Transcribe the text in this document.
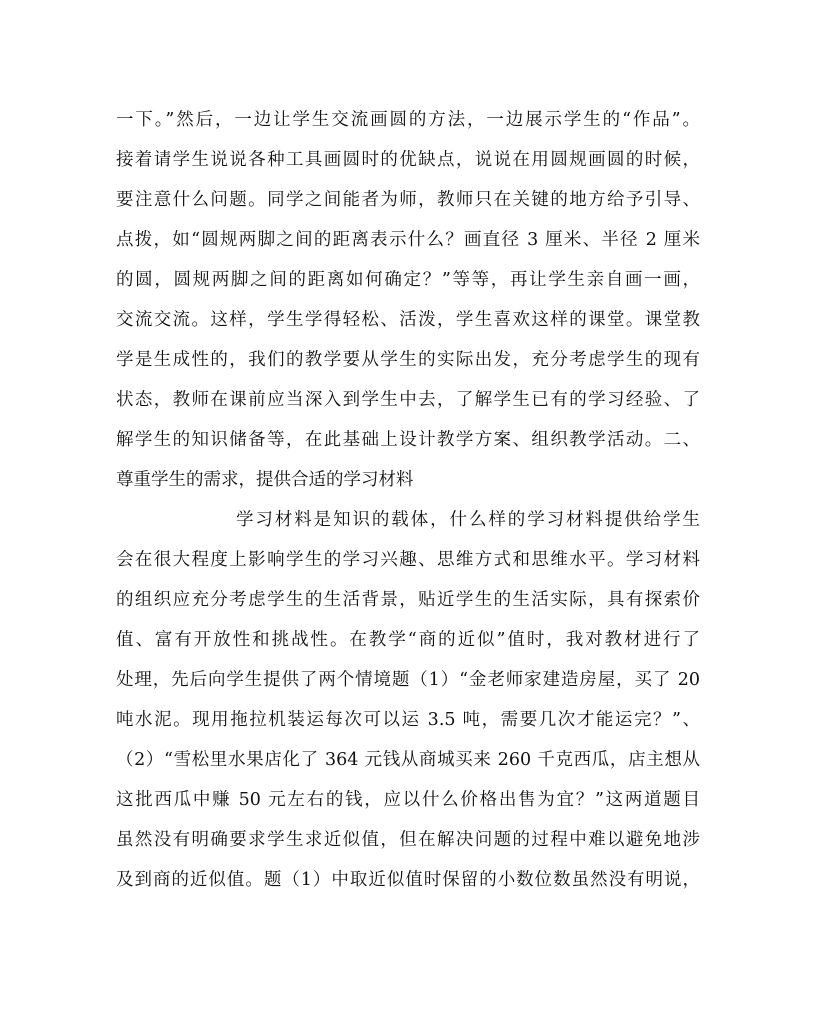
一下。”然后，一边让学生交流画圆的方法，一边展示学生的“作品”。
接着请学生说说各种工具画圆时的优缺点，说说在用圆规画圆的时候，
要注意什么问题。同学之间能者为师，教师只在关键的地方给予引导、
点拨，如“圆规两脚之间的距离表示什么？画直径 3 厘米、半径 2 厘米
的圆，圆规两脚之间的距离如何确定？”等等，再让学生亲自画一画，
交流交流。这样，学生学得轻松、活泼，学生喜欢这样的课堂。课堂教
学是生成性的，我们的教学要从学生的实际出发，充分考虑学生的现有
状态，教师在课前应当深入到学生中去，了解学生已有的学习经验、了
解学生的知识储备等，在此基础上设计教学方案、组织教学活动。二、
尊重学生的需求，提供合适的学习材料
学习材料是知识的载体，什么样的学习材料提供给学生
会在很大程度上影响学生的学习兴趣、思维方式和思维水平。学习材料
的组织应充分考虑学生的生活背景，贴近学生的生活实际，具有探索价
值、富有开放性和挑战性。在教学“商的近似”值时，我对教材进行了
处理，先后向学生提供了两个情境题（1）“金老师家建造房屋，买了 20
吨水泥。现用拖拉机装运每次可以运 3.5 吨，需要几次才能运完？”、
（2）“雪松里水果店化了 364 元钱从商城买来 260 千克西瓜，店主想从
这批西瓜中赚 50 元左右的钱，应以什么价格出售为宜？”这两道题目
虽然没有明确要求学生求近似值，但在解决问题的过程中难以避免地涉
及到商的近似值。题（1）中取近似值时保留的小数位数虽然没有明说，
